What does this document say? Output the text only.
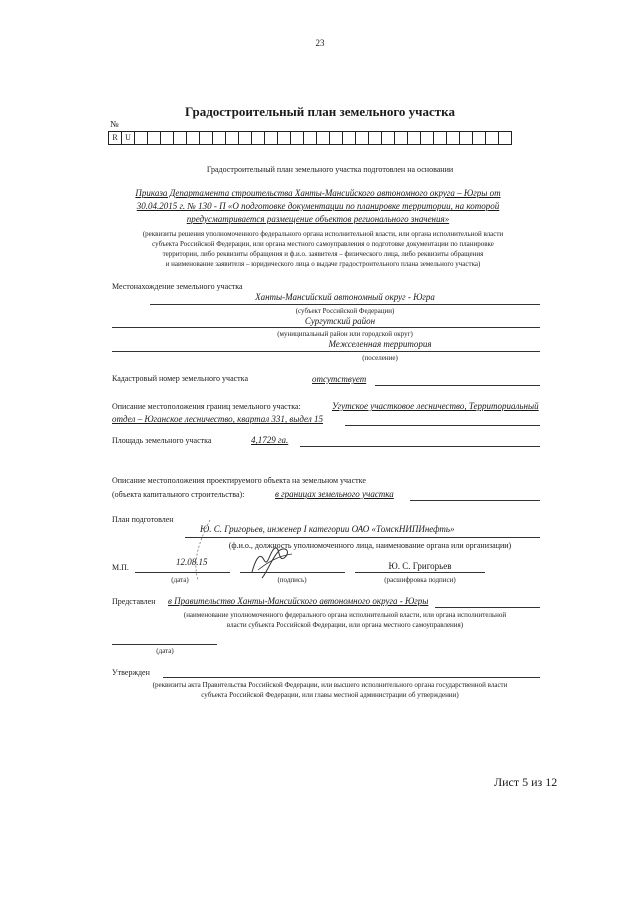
23
Градостроительный план земельного участка
№
R U
Градостроительный план земельного участка подготовлен на основании
Приказа Департамента строительства Ханты-Мансийского автономного округа – Югры от
30.04.2015 г. № 130 - П «О подготовке документации по планировке территории, на которой
предусматривается размещение объектов регионального значения»
(реквизиты решения уполномоченного федерального органа исполнительной власти, или органа исполнительной власти
субъекта Российской Федерации, или органа местного самоуправления о подготовке документации по планировке
территории, либо реквизиты обращения и ф.и.о. заявителя – физического лица, либо реквизиты обращения
и наименование заявителя – юридического лица о выдаче градостроительного плана земельного участка)
Местонахождение земельного участка
Ханты-Мансийский автономный округ - Югра
(субъект Российской Федерации)
Сургутский район
(муниципальный район или городской округ)
Межселенная территория
(поселение)
Кадастровый номер земельного участка	отсутствует
Описание местоположения границ земельного участка:	Угутское участковое лесничество, Территориальный
отдел – Юганское лесничество, квартал 331, выдел 15
Площадь земельного участка	4,1729 га.
Описание местоположения проектируемого объекта на земельном участке
(объекта капитального строительства):	в границах земельного участка
План подготовлен
Ю. С. Григорьев, инженер I категории ОАО «ТомскНИПИнефть»
(ф.и.о., должность уполномоченного лица, наименование органа или организации)
М.П.
12.08.15
(дата)	(подпись)
Ю. С. Григорьев
(расшифровка подписи)
Представлен в Правительство Ханты-Мансийского автономного округа - Югры
(наименование уполномоченного федерального органа исполнительной власти, или органа исполнительной
власти субъекта Российской Федерации, или органа местного самоуправления)
(дата)
Утвержден
(реквизиты акта Правительства Российской Федерации, или высшего исполнительного органа государственной власти
субъекта Российской Федерации, или главы местной администрации об утверждении)
Лист 5 из 12
